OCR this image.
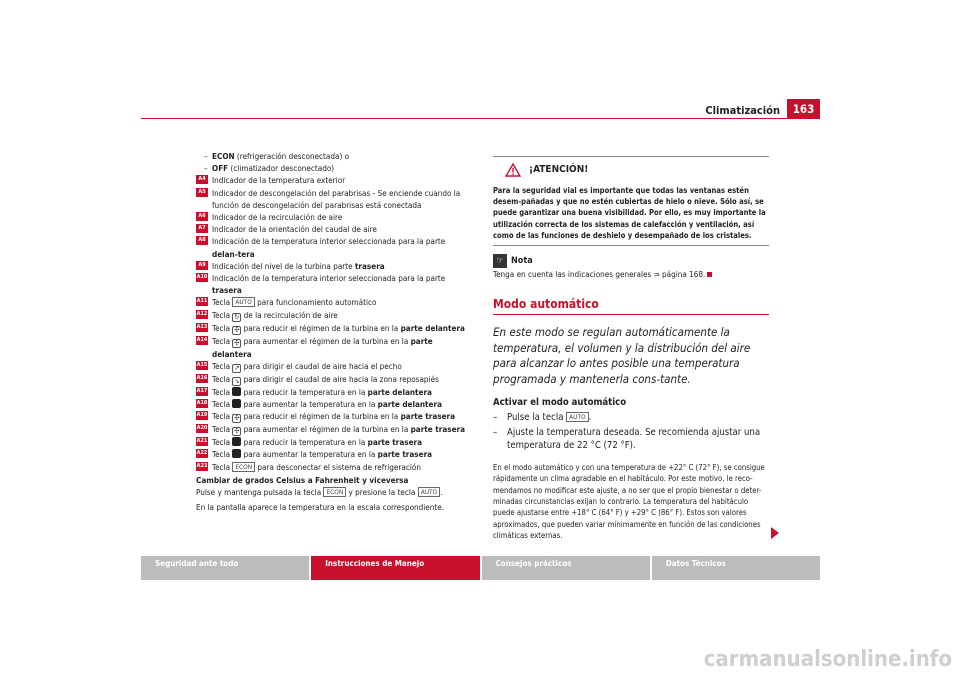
Climatización	163
– ECON (refrigeración desconectada) o
– OFF (climatizador desconectado)
A4 Indicador de la temperatura exterior
A5 Indicador de descongelación del parabrisas - Se enciende cuando la función de descongelación del parabrisas está conectada
A6 Indicador de la recirculación de aire
A7 Indicador de la orientación del caudal de aire
A8 Indicación de la temperatura interior seleccionada para la parte delan-tera
A9 Indicación del nivel de la turbina parte trasera
A10 Indicación de la temperatura interior seleccionada para la parte trasera
A11 Tecla AUTO para funcionamiento automático
A12 Tecla ↻ de la recirculación de aire
A13 Tecla ✣ para reducir el régimen de la turbina en la parte delantera
A14 Tecla ✣ para aumentar el régimen de la turbina en la parte delantera
A15 Tecla ↗ para dirigir el caudal de aire hacia el pecho
A16 Tecla ↘ para dirigir el caudal de aire hacia la zona reposapiés
A17 Tecla  para reducir la temperatura en la parte delantera
A18 Tecla  para aumentar la temperatura en la parte delantera
A19 Tecla ✣ para reducir el régimen de la turbina en la parte trasera
A20 Tecla ✣ para aumentar el régimen de la turbina en la parte trasera
A21 Tecla  para reducir la temperatura en la parte trasera
A22 Tecla  para aumentar la temperatura en la parte trasera
A23 Tecla ECON para desconectar el sistema de refrigeración
Cambiar de grados Celsius a Fahrenheit y viceversa
Pulse y mantenga pulsada la tecla ECON y presione la tecla AUTO .
En la pantalla aparece la temperatura en la escala correspondiente.
¡ATENCIÓN!
Para la seguridad vial es importante que todas las ventanas estén desem-pañadas y que no estén cubiertas de hielo o nieve. Sólo así, se puede garantizar una buena visibilidad. Por ello, es muy importante la utilización correcta de los sistemas de calefacción y ventilación, así como de las funciones de deshielo y desempañado de los cristales.
☞ Nota
Tenga en cuenta las indicaciones generales ⇒ página 168.
Modo automático
En este modo se regulan automáticamente la temperatura, el volumen y la distribución del aire para alcanzar lo antes posible una temperatura programada y mantenerla cons-tante.
Activar el modo automático
– Pulse la tecla AUTO .
– Ajuste la temperatura deseada. Se recomienda ajustar una temperatura de 22 °C (72 °F).
En el modo automático y con una temperatura de +22° C (72° F), se consigue rápidamente un clima agradable en el habitáculo. Por este motivo, le reco-mendamos no modificar este ajuste, a no ser que el propio bienestar o deter-minadas circunstancias exijan lo contrario. La temperatura del habitáculo puede ajustarse entre +18° C (64° F) y +29° C (86° F). Estos son valores aproximados, que pueden variar mínimamente en función de las condiciones climáticas externas.
Seguridad ante todo	Instrucciones de Manejo	Consejos prácticos	Datos Técnicos
carmanualsonline.info
